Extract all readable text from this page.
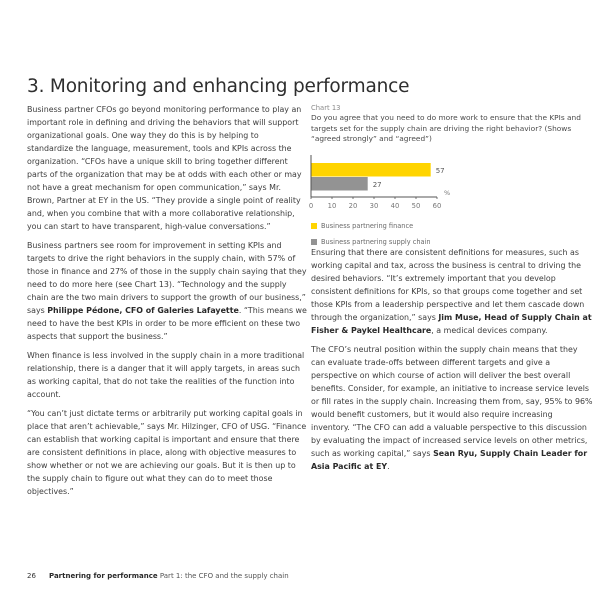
3. Monitoring and enhancing performance

Business partner CFOs go beyond monitoring performance to play an important role in defining and driving the behaviors that will support organizational goals. One way they do this is by helping to standardize the language, measurement, tools and KPIs across the organization. “CFOs have a unique skill to bring together different parts of the organization that may be at odds with each other or may not have a great mechanism for open communication,” says Mr. Brown, Partner at EY in the US. “They provide a single point of reality and, when you combine that with a more collaborative relationship, you can start to have transparent, high-value conversations.”

Business partners see room for improvement in setting KPIs and targets to drive the right behaviors in the supply chain, with 57% of those in finance and 27% of those in the supply chain saying that they need to do more here (see Chart 13). “Technology and the supply chain are the two main drivers to support the growth of our business,” says Philippe Pédone, CFO of Galeries Lafayette. “This means we need to have the best KPIs in order to be more efficient on these two aspects that support the business.”

When finance is less involved in the supply chain in a more traditional relationship, there is a danger that it will apply targets, in areas such as working capital, that do not take the realities of the function into account.

“You can’t just dictate terms or arbitrarily put working capital goals in place that aren’t achievable,” says Mr. Hilzinger, CFO of USG. “Finance can establish that working capital is important and ensure that there are consistent definitions in place, along with objective measures to show whether or not we are achieving our goals. But it is then up to the supply chain to figure out what they can do to meet those objectives.”

Chart 13
Do you agree that you need to do more work to ensure that the KPIs and targets set for the supply chain are driving the right behavior? (Shows “agreed strongly” and “agreed”)
57
27
0 10 20 30 40 50 60
%
Business partnering finance
Business partnering supply chain

Ensuring that there are consistent definitions for measures, such as working capital and tax, across the business is central to driving the desired behaviors. “It’s extremely important that you develop consistent definitions for KPIs, so that groups come together and set those KPIs from a leadership perspective and let them cascade down through the organization,” says Jim Muse, Head of Supply Chain at Fisher & Paykel Healthcare, a medical devices company.

The CFO’s neutral position within the supply chain means that they can evaluate trade-offs between different targets and give a perspective on which course of action will deliver the best overall benefits. Consider, for example, an initiative to increase service levels or fill rates in the supply chain. Increasing them from, say, 95% to 96% would benefit customers, but it would also require increasing inventory. “The CFO can add a valuable perspective to this discussion by evaluating the impact of increased service levels on other metrics, such as working capital,” says Sean Ryu, Supply Chain Leader for Asia Pacific at EY.

26 Partnering for performance Part 1: the CFO and the supply chain
